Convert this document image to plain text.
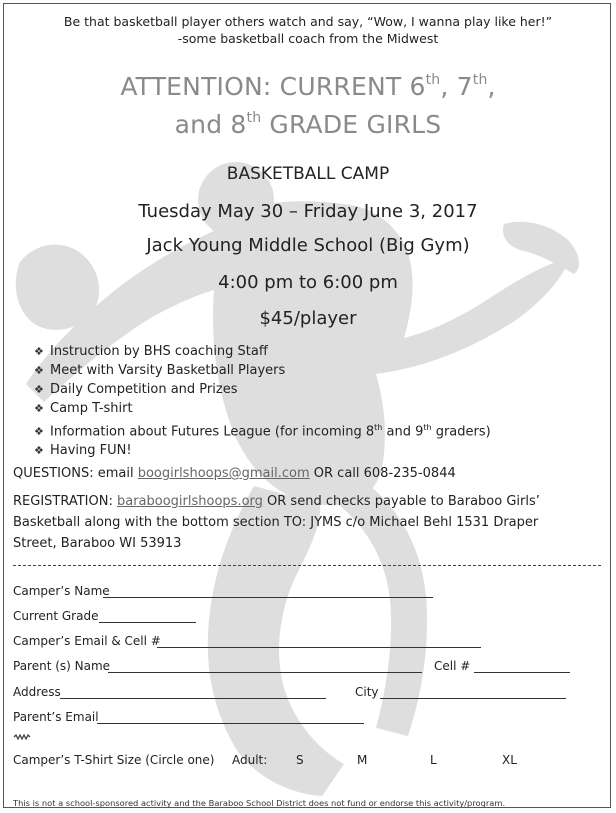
Be that basketball player others watch and say, “Wow, I wanna play like her!”
-some basketball coach from the Midwest
ATTENTION: CURRENT 6th, 7th,
and 8th GRADE GIRLS
BASKETBALL CAMP
Tuesday May 30 – Friday June 3, 2017
Jack Young Middle School (Big Gym)
4:00 pm to 6:00 pm
$45/player
❖ Instruction by BHS coaching Staff
❖ Meet with Varsity Basketball Players
❖ Daily Competition and Prizes
❖ Camp T-shirt
❖ Information about Futures League (for incoming 8th and 9th graders)
❖ Having FUN!
QUESTIONS: email boogirlshoops@gmail.com OR call 608-235-0844
REGISTRATION: baraboogirlshoops.org OR send checks payable to Baraboo Girls’
Basketball along with the bottom section TO: JYMS c/o Michael Behl 1531 Draper
Street, Baraboo WI 53913
Camper’s Name
Current Grade
Camper’s Email & Cell #
Parent (s) Name	Cell #
Address	City
Parent’s Email
Camper’s T-Shirt Size (Circle one) Adult: S	M	L	XL
This is not a school-sponsored activity and the Baraboo School District does not fund or endorse this activity/program.
